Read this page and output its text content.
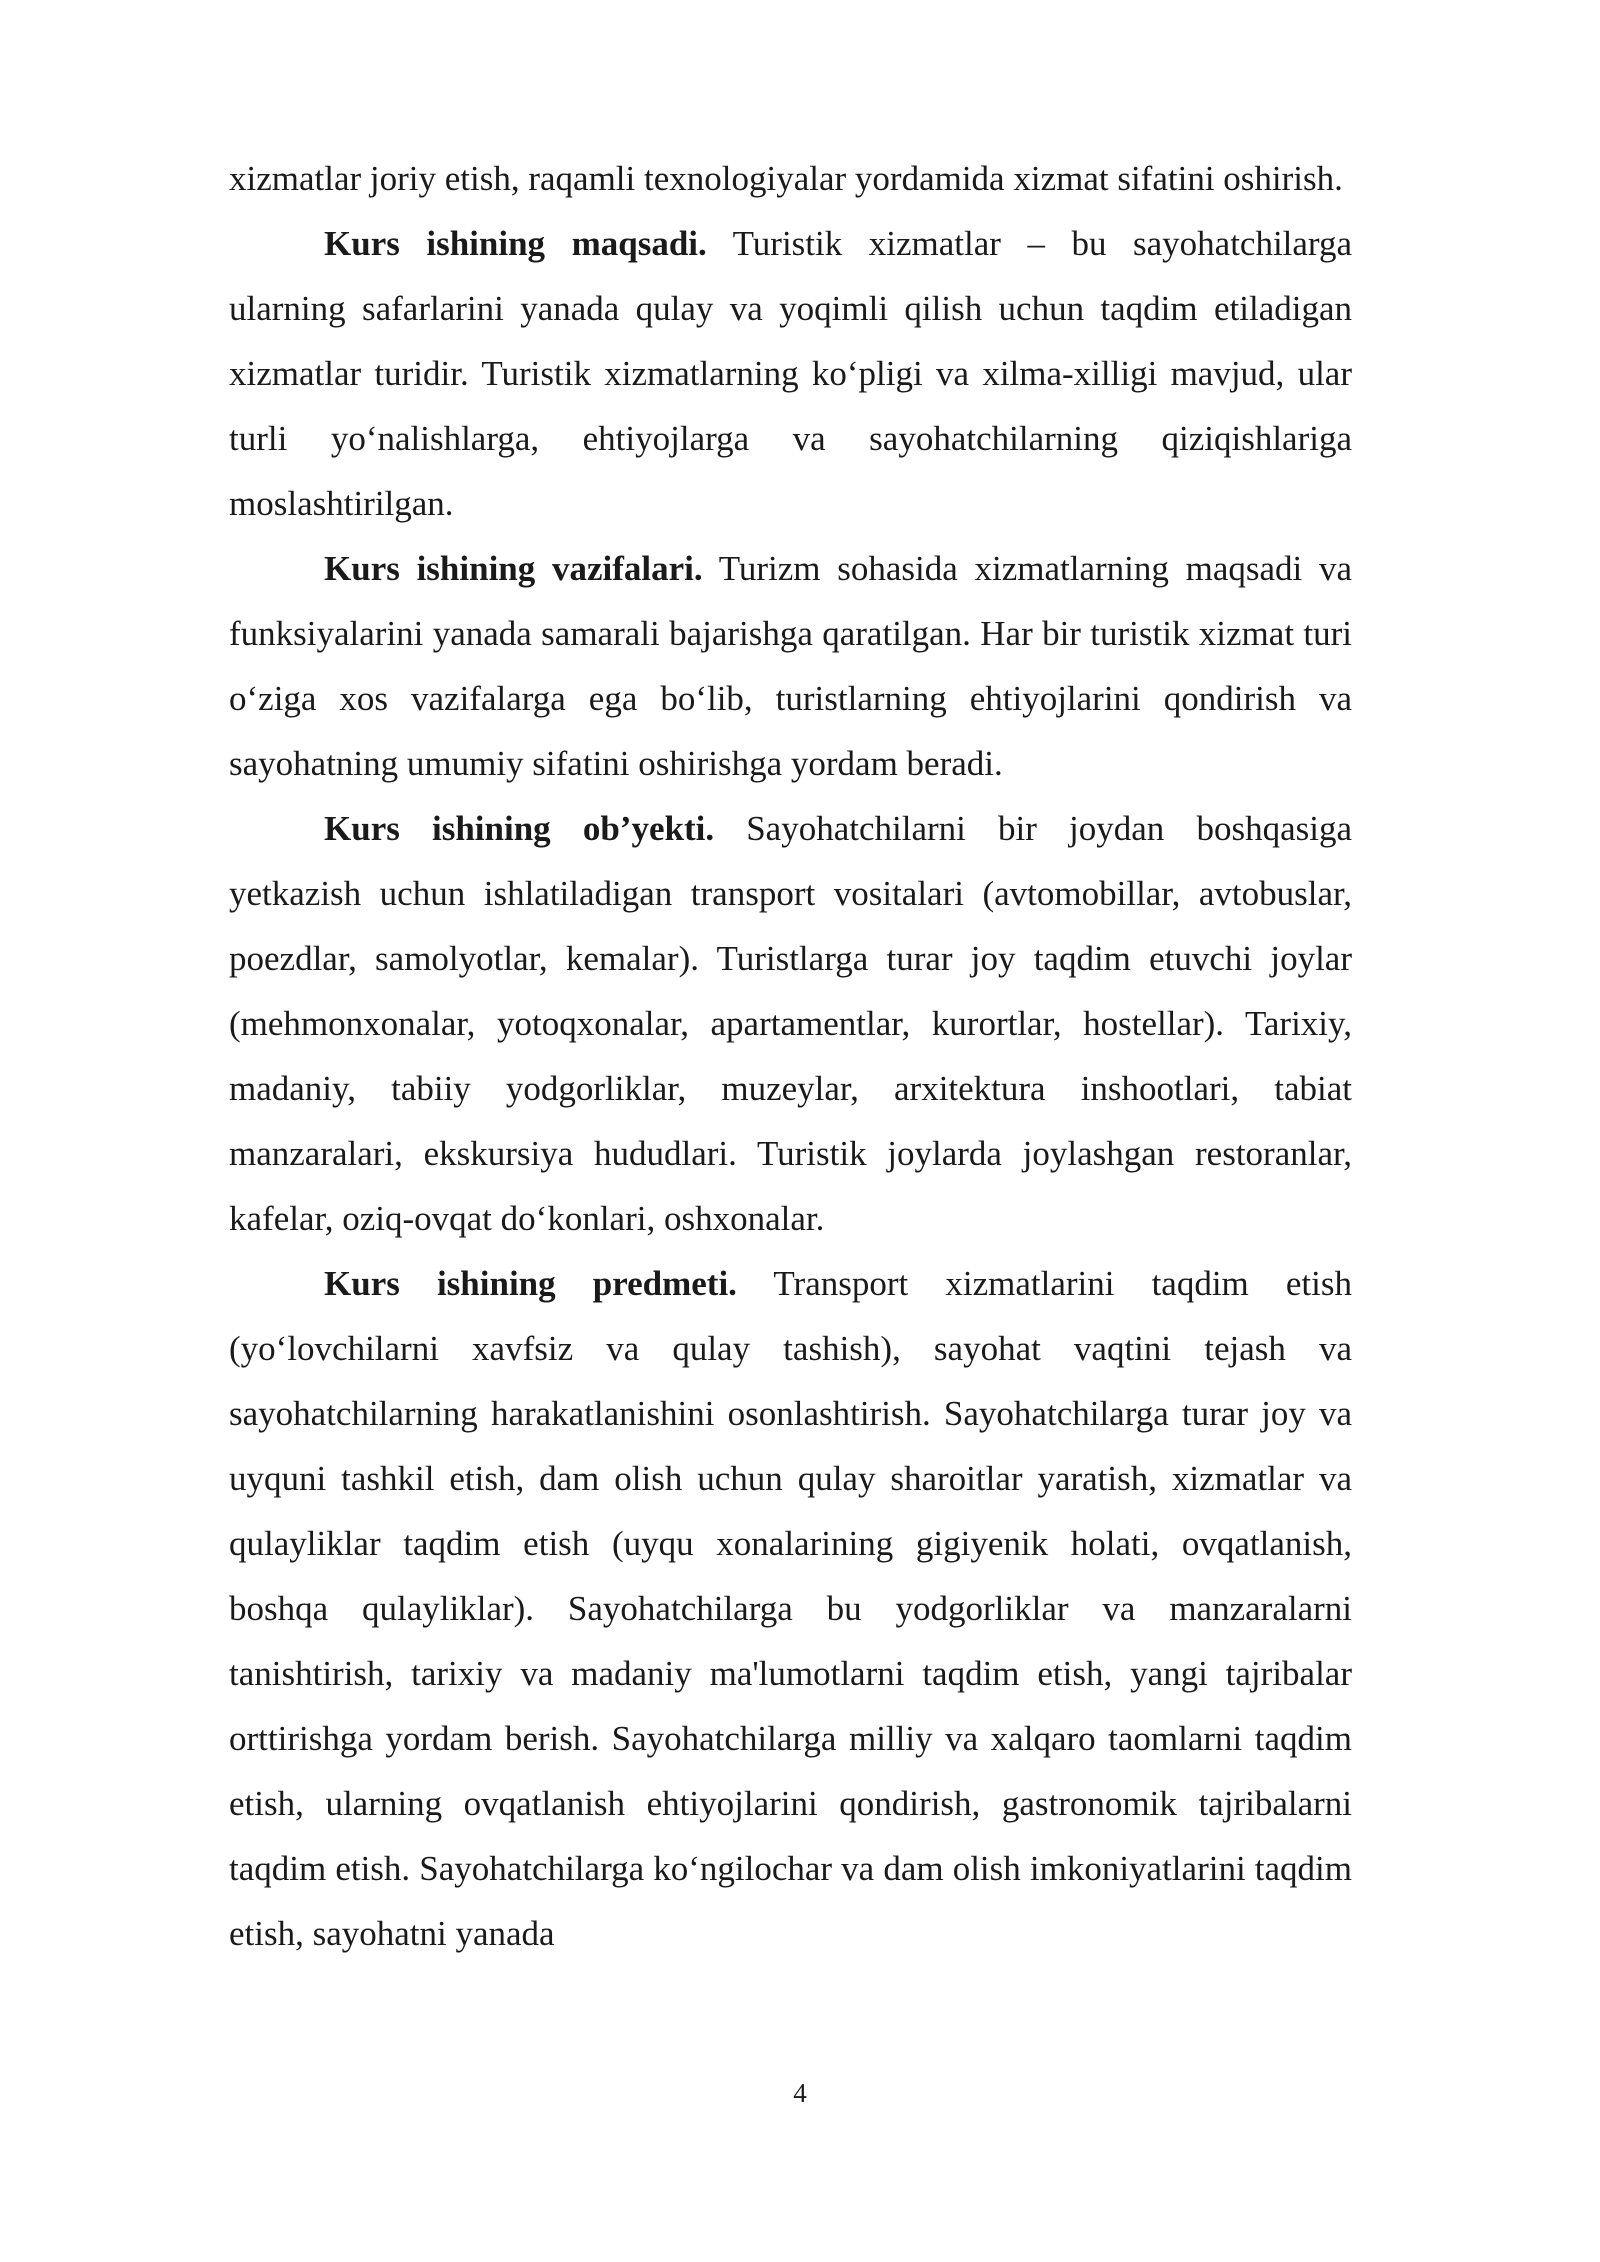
xizmatlar joriy etish, raqamli texnologiyalar yordamida xizmat sifatini oshirish.

Kurs ishining maqsadi. Turistik xizmatlar – bu sayohatchilarga ularning safarlarini yanada qulay va yoqimli qilish uchun taqdim etiladigan xizmatlar turidir. Turistik xizmatlarning ko‘pligi va xilma-xilligi mavjud, ular turli yo‘nalishlarga, ehtiyojlarga va sayohatchilarning qiziqishlariga moslashtirilgan.

Kurs ishining vazifalari. Turizm sohasida xizmatlarning maqsadi va funksiyalarini yanada samarali bajarishga qaratilgan. Har bir turistik xizmat turi o‘ziga xos vazifalarga ega bo‘lib, turistlarning ehtiyojlarini qondirish va sayohatning umumiy sifatini oshirishga yordam beradi.

Kurs ishining ob’yekti. Sayohatchilarni bir joydan boshqasiga yetkazish uchun ishlatiladigan transport vositalari (avtomobillar, avtobuslar, poezdlar, samolyotlar, kemalar). Turistlarga turar joy taqdim etuvchi joylar (mehmonxonalar, yotoqxonalar, apartamentlar, kurortlar, hostellar). Tarixiy, madaniy, tabiiy yodgorliklar, muzeylar, arxitektura inshootlari, tabiat manzaralari, ekskursiya hududlari. Turistik joylarda joylashgan restoranlar, kafelar, oziq-ovqat do‘konlari, oshxonalar.

Kurs ishining predmeti. Transport xizmatlarini taqdim etish (yo‘lovchilarni xavfsiz va qulay tashish), sayohat vaqtini tejash va sayohatchilarning harakatlanishini osonlashtirish. Sayohatchilarga turar joy va uyquni tashkil etish, dam olish uchun qulay sharoitlar yaratish, xizmatlar va qulayliklar taqdim etish (uyqu xonalarining gigiyenik holati, ovqatlanish, boshqa qulayliklar). Sayohatchilarga bu yodgorliklar va manzaralarni tanishtirish, tarixiy va madaniy ma'lumotlarni taqdim etish, yangi tajribalar orttirishga yordam berish. Sayohatchilarga milliy va xalqaro taomlarni taqdim etish, ularning ovqatlanish ehtiyojlarini qondirish, gastronomik tajribalarni taqdim etish. Sayohatchilarga ko‘ngilochar va dam olish imkoniyatlarini taqdim etish, sayohatni yanada

4
